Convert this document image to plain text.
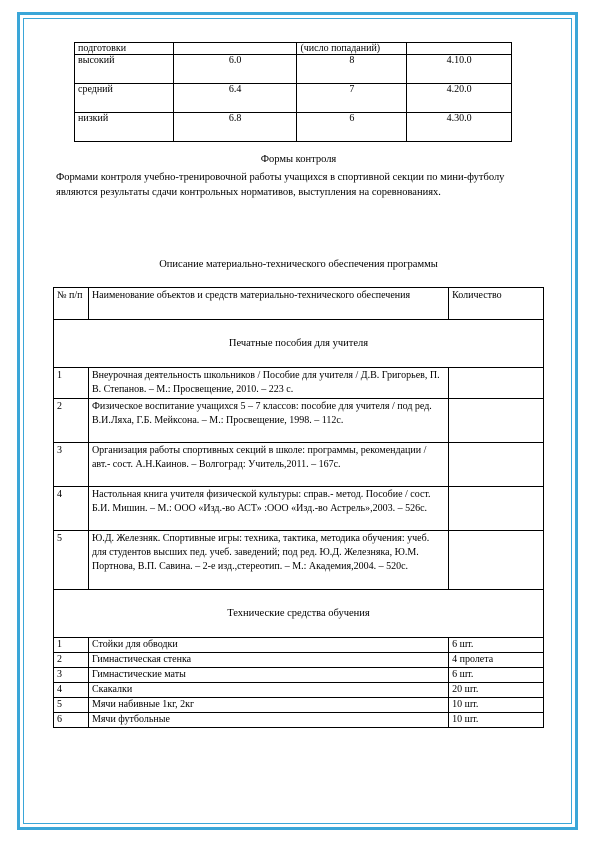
подготовки		(число попаданий)	
высокий	6.0	8	4.10.0
средний	6.4	7	4.20.0
низкий	6.8	6	4.30.0
Формы контроля
Формами контроля учебно-тренировочной работы учащихся в спортивной секции по мини-футболу являются результаты сдачи контрольных нормативов, выступления на соревнованиях.
Описание материально-технического обеспечения программы
№ п/п	Наименование объектов и средств материально-технического обеспечения	Количество
Печатные пособия для учителя		
1	Внеурочная деятельность школьников / Пособие для учителя / Д.В. Григорьев, П. В. Степанов. – М.: Просвещение, 2010. – 223 с.	
2	Физическое воспитание учащихся 5 – 7 классов: пособие для учителя / под ред. В.И.Ляха, Г.Б. Мейксона. – М.: Просвещение, 1998. – 112с.	
3	Организация работы спортивных секций в школе: программы, рекомендации / авт.- сост. А.Н.Каинов. – Волгоград: Учитель,2011. – 167с.	
4	Настольная книга учителя физической культуры: справ.- метод. Пособие / сост. Б.И. Мишин. – М.: ООО «Изд.-во АСТ» :ООО «Изд.-во Астрель»,2003. – 526с.	
5	Ю.Д. Железняк. Спортивные игры: техника, тактика, методика обучения: учеб. для студентов высших пед. учеб. заведений; под ред. Ю.Д. Железняка, Ю.М. Портнова, В.П. Савина. – 2-е изд.,стереотип. – М.: Академия,2004. – 520с.	
Технические средства обучения		
1	Стойки для обводки	6 шт.
2	Гимнастическая стенка	4 пролета
3	Гимнастические маты	6 шт.
4	Скакалки	20 шт.
5	Мячи набивные 1кг, 2кг	10 шт.
6	Мячи футбольные	10 шт.
